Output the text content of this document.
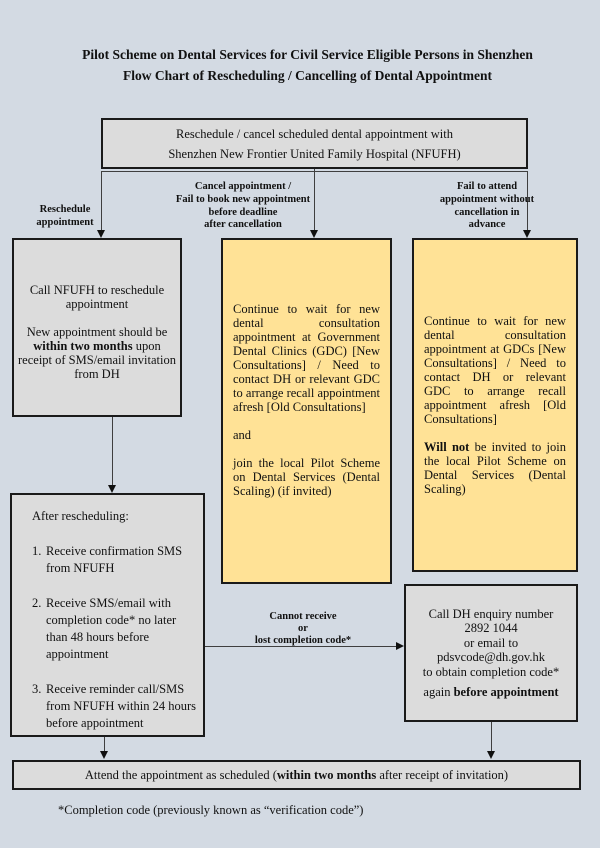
Pilot Scheme on Dental Services for Civil Service Eligible Persons in Shenzhen
Flow Chart of Rescheduling / Cancelling of Dental Appointment
Reschedule / cancel scheduled dental appointment with
Shenzhen New Frontier United Family Hospital (NFUFH)
Reschedule
appointment
Cancel appointment /
Fail to book new appointment
before deadline
after cancellation
Fail to attend
appointment without
cancellation in
advance

Call NFUFH to reschedule appointment

New appointment should be within two months upon receipt of SMS/email invitation from DH

Continue to wait for new dental consultation appointment at Government Dental Clinics (GDC) [New Consultations] / Need to contact DH or relevant GDC to arrange recall appointment afresh [Old Consultations]

and

join the local Pilot Scheme on Dental Services (Dental Scaling) (if invited)

Continue to wait for new dental consultation appointment at GDCs [New Consultations] / Need to contact DH or relevant GDC to arrange recall appointment afresh [Old Consultations]

Will not be invited to join the local Pilot Scheme on Dental Services (Dental Scaling)

After rescheduling:
1. Receive confirmation SMS from NFUFH
2. Receive SMS/email with completion code* no later than 48 hours before appointment
3. Receive reminder call/SMS from NFUFH within 24 hours before appointment
Cannot receive
or
lost completion code*
Call DH enquiry number
2892 1044
or email to
pdsvcode@dh.gov.hk
to obtain completion code*
again before appointment
Attend the appointment as scheduled (within two months after receipt of invitation)
*Completion code (previously known as “verification code”)
